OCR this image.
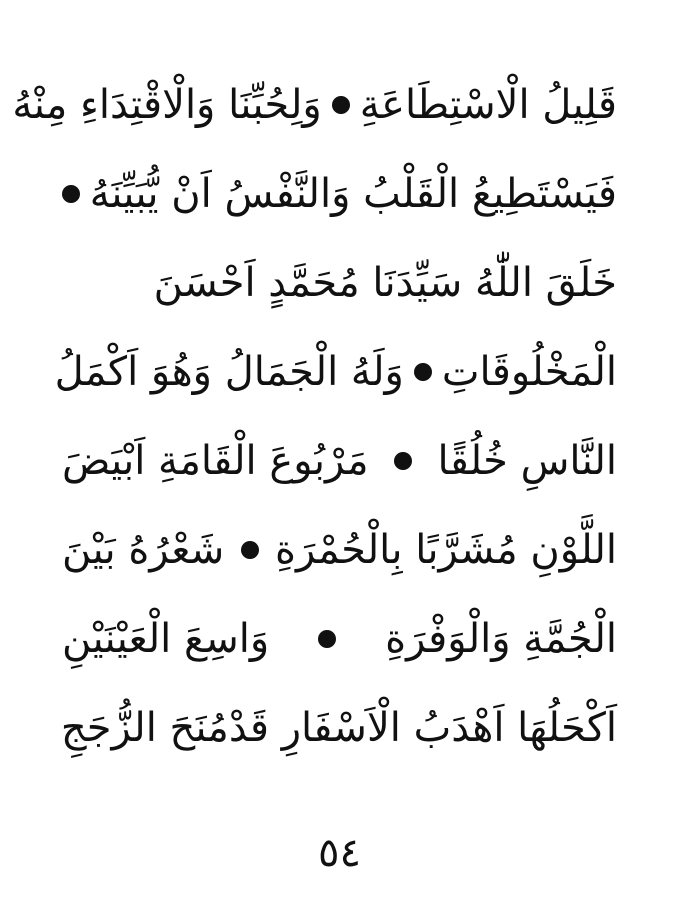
قَلِيلُ الْاسْتِطَاعَةِ
وَلِحُبِّنَا وَالْاقْتِدَاءِ مِنْهُ
فَيَسْتَطِيعُ الْقَلْبُ وَالنَّفْسُ اَنْ يُّبَيِّنَهُ
خَلَقَ اللّٰهُ سَيِّدَنَا مُحَمَّدٍ اَحْسَنَ
الْمَخْلُوقَاتِ
وَلَهُ الْجَمَالُ وَهُوَ اَكْمَلُ
النَّاسِ خُلُقًا
مَرْبُوعَ الْقَامَةِ اَبْيَضَ
اللَّوْنِ مُشَرَّبًا بِالْحُمْرَةِ
شَعْرُهُ بَيْنَ
الْجُمَّةِ وَالْوَفْرَةِ
وَاسِعَ الْعَيْنَيْنِ
اَكْحَلُهَا اَهْدَبُ الْاَسْفَارِ قَدْمُنَحَ الزُّجَجِ
٥٤
